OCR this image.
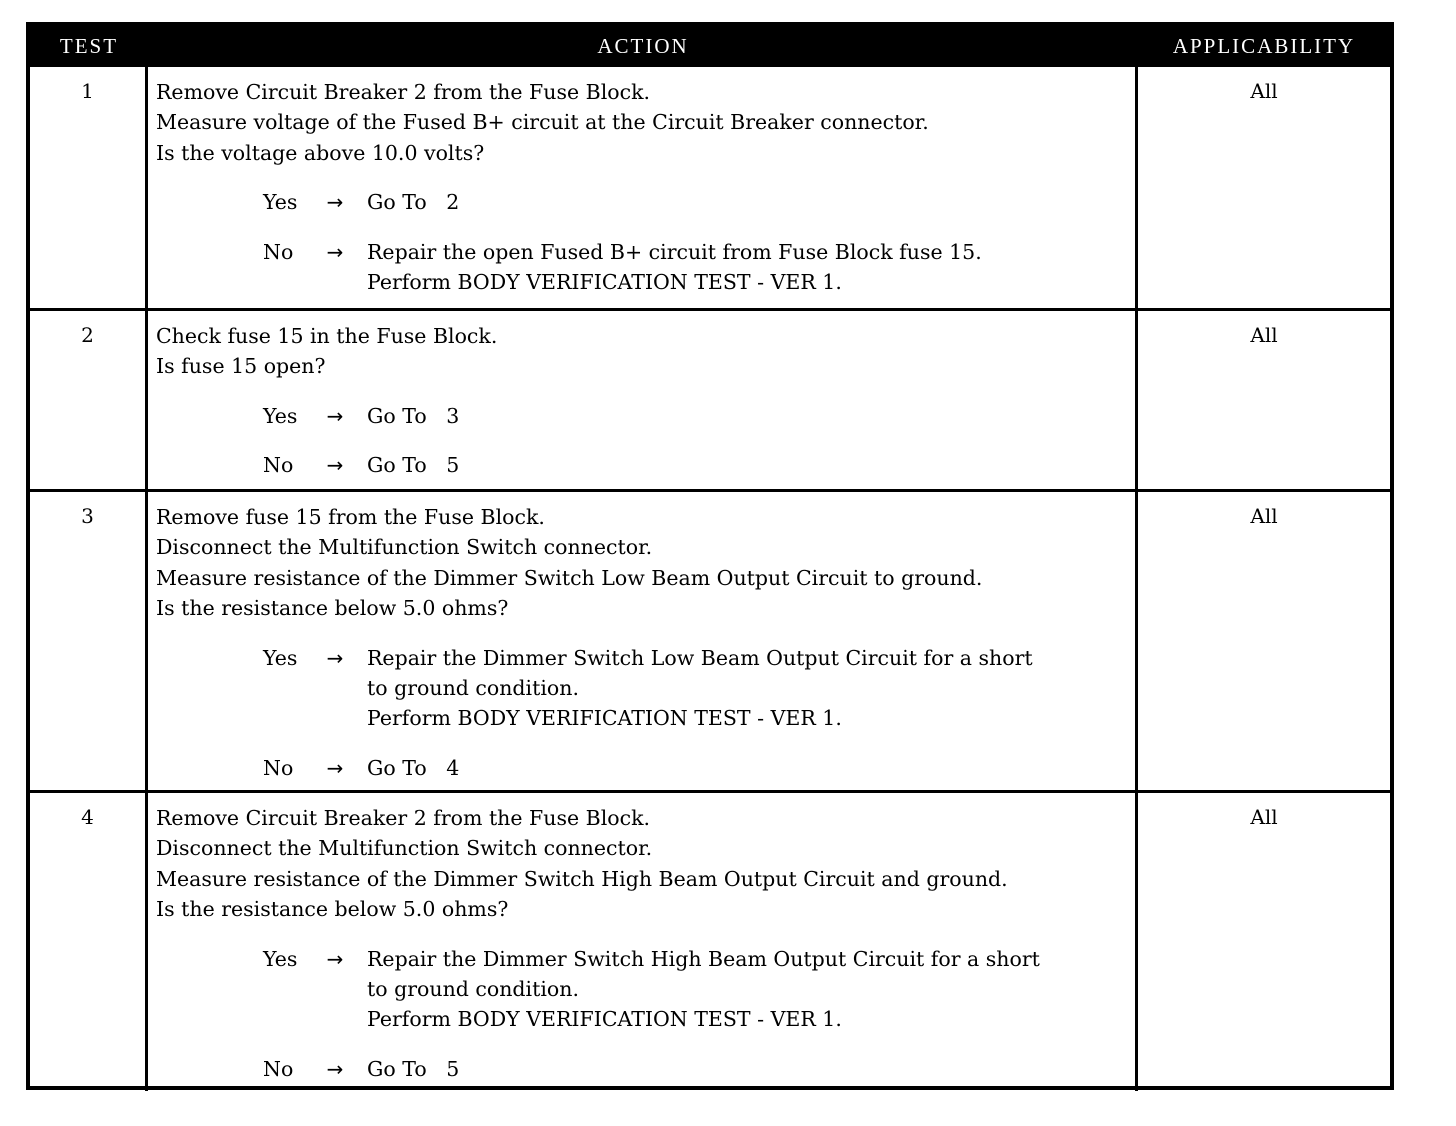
TEST	ACTION	APPLICABILITY
1	Remove Circuit Breaker 2 from the Fuse Block.
Measure voltage of the Fused B+ circuit at the Circuit Breaker connector.
Is the voltage above 10.0 volts?
Yes	→	Go To   2
No	→	Repair the open Fused B+ circuit from Fuse Block fuse 15.
Perform BODY VERIFICATION TEST - VER 1.
All
2	Check fuse 15 in the Fuse Block.
Is fuse 15 open?
Yes	→	Go To   3
No	→	Go To   5
All
3	Remove fuse 15 from the Fuse Block.
Disconnect the Multifunction Switch connector.
Measure resistance of the Dimmer Switch Low Beam Output Circuit to ground.
Is the resistance below 5.0 ohms?
Yes	→	Repair the Dimmer Switch Low Beam Output Circuit for a short
to ground condition.
Perform BODY VERIFICATION TEST - VER 1.
No	→	Go To   4
All
4	Remove Circuit Breaker 2 from the Fuse Block.
Disconnect the Multifunction Switch connector.
Measure resistance of the Dimmer Switch High Beam Output Circuit and ground.
Is the resistance below 5.0 ohms?
Yes	→	Repair the Dimmer Switch High Beam Output Circuit for a short
to ground condition.
Perform BODY VERIFICATION TEST - VER 1.
No	→	Go To   5
All
